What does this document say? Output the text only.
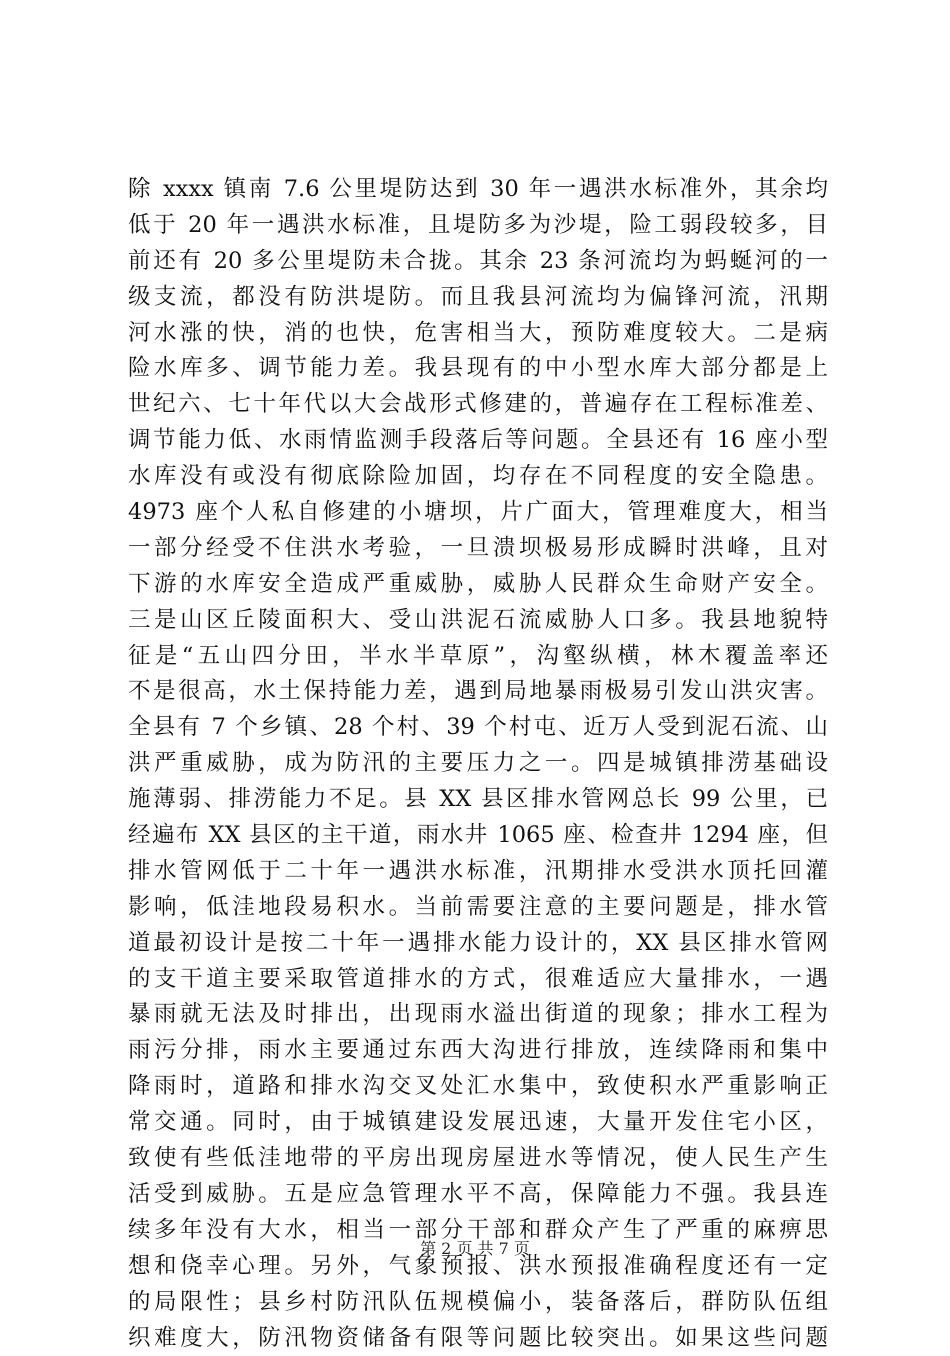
除 xxxx 镇南 7.6 公里堤防达到 30 年一遇洪水标准外，其余均
低于 20 年一遇洪水标准，且堤防多为沙堤，险工弱段较多，目
前还有 20 多公里堤防未合拢。其余 23 条河流均为蚂蜒河的一
级支流，都没有防洪堤防。而且我县河流均为偏锋河流，汛期
河水涨的快，消的也快，危害相当大，预防难度较大。二是病
险水库多、调节能力差。我县现有的中小型水库大部分都是上
世纪六、七十年代以大会战形式修建的，普遍存在工程标准差、
调节能力低、水雨情监测手段落后等问题。全县还有 16 座小型
水库没有或没有彻底除险加固，均存在不同程度的安全隐患。
4973 座个人私自修建的小塘坝，片广面大，管理难度大，相当
一部分经受不住洪水考验，一旦溃坝极易形成瞬时洪峰，且对
下游的水库安全造成严重威胁，威胁人民群众生命财产安全。
三是山区丘陵面积大、受山洪泥石流威胁人口多。我县地貌特
征是“五山四分田，半水半草原”，沟壑纵横，林木覆盖率还
不是很高，水土保持能力差，遇到局地暴雨极易引发山洪灾害。
全县有 7 个乡镇、28 个村、39 个村屯、近万人受到泥石流、山
洪严重威胁，成为防汛的主要压力之一。四是城镇排涝基础设
施薄弱、排涝能力不足。县 XX 县区排水管网总长 99 公里，已
经遍布 XX 县区的主干道，雨水井 1065 座、检查井 1294 座，但
排水管网低于二十年一遇洪水标准，汛期排水受洪水顶托回灌
影响，低洼地段易积水。当前需要注意的主要问题是，排水管
道最初设计是按二十年一遇排水能力设计的，XX 县区排水管网
的支干道主要采取管道排水的方式，很难适应大量排水，一遇
暴雨就无法及时排出，出现雨水溢出街道的现象；排水工程为
雨污分排，雨水主要通过东西大沟进行排放，连续降雨和集中
降雨时，道路和排水沟交叉处汇水集中，致使积水严重影响正
常交通。同时，由于城镇建设发展迅速，大量开发住宅小区，
致使有些低洼地带的平房出现房屋进水等情况，使人民生产生
活受到威胁。五是应急管理水平不高，保障能力不强。我县连
续多年没有大水，相当一部分干部和群众产生了严重的麻痹思
想和侥幸心理。另外，气象预报、洪水预报准确程度还有一定
的局限性；县乡村防汛队伍规模偏小，装备落后，群防队伍组
织难度大，防汛物资储备有限等问题比较突出。如果这些问题
第 2 页 共 7 页
